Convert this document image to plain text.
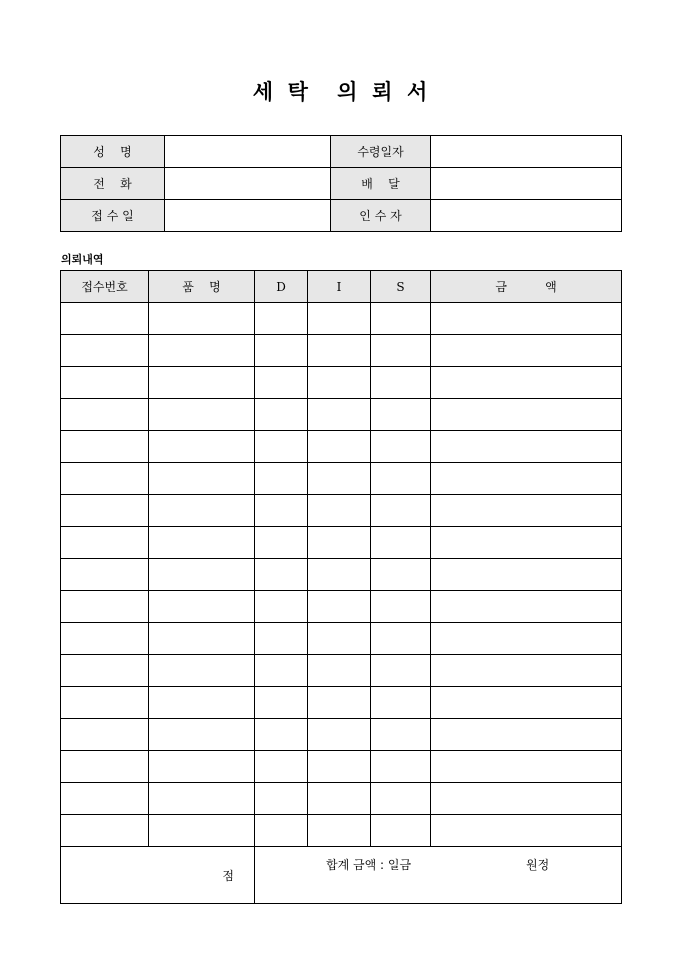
세  탁    의  뢰  서
성    명		수령일자	
전    화		배    달	
접 수 일		인 수 자	
의뢰내역
접수번호	품    명	D	I	S	금          액

점		합계 금액 : 일금

원정			
